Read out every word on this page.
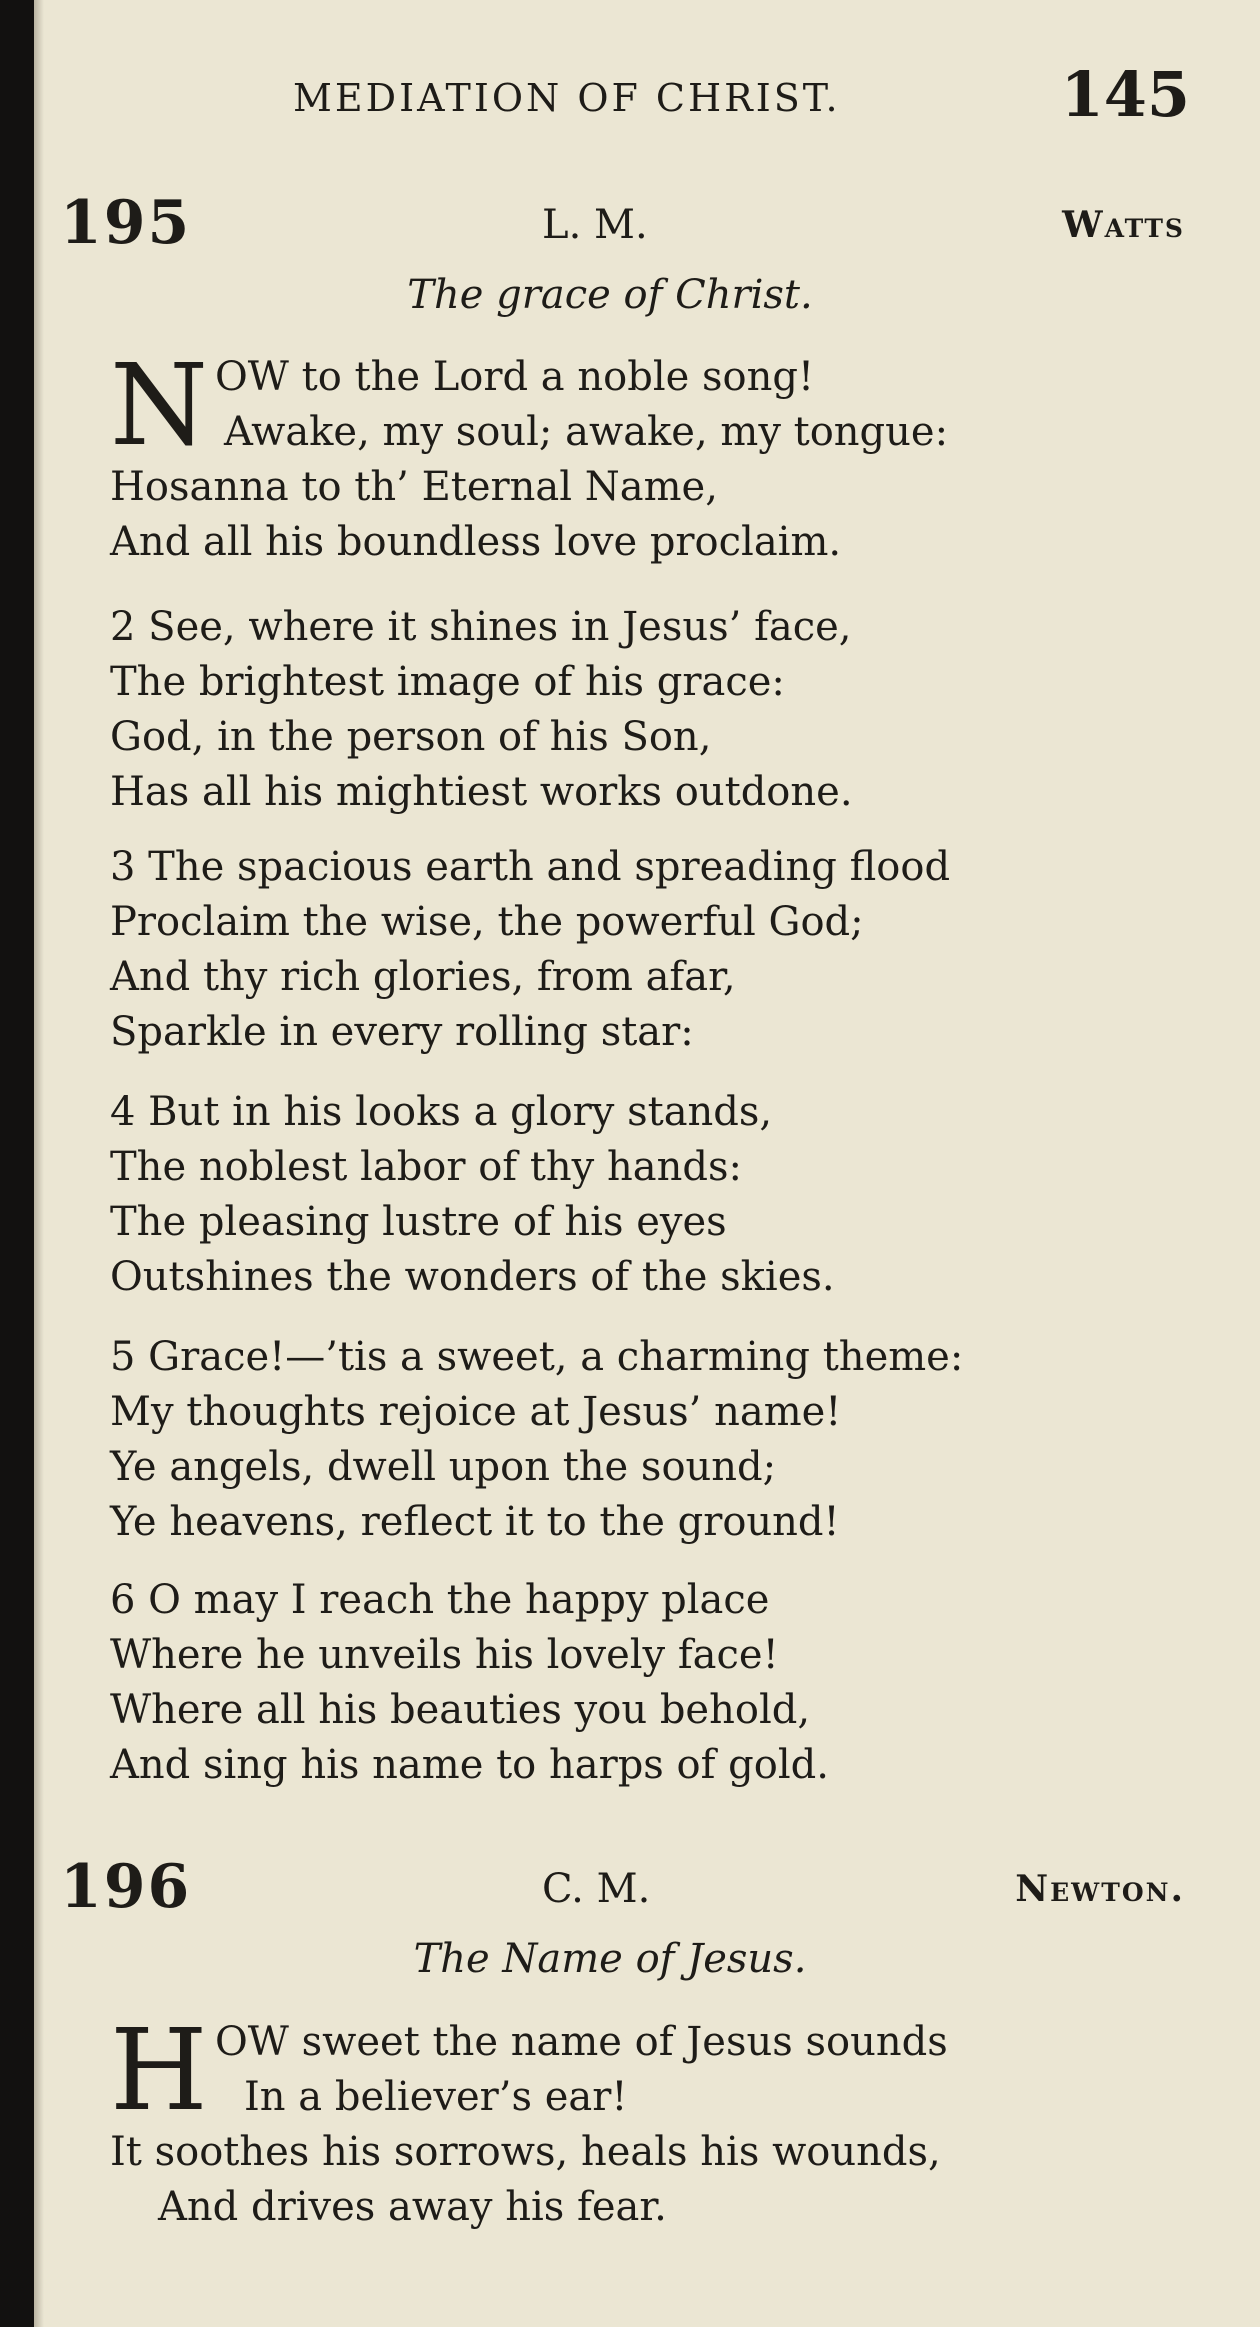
MEDIATION OF CHRIST.	145
195	L. M.	Watts
The grace of Christ.
N OW to the Lord a noble song!
Awake, my soul; awake, my tongue:
Hosanna to th’ Eternal Name,
And all his boundless love proclaim.
2 See, where it shines in Jesus’ face,
The brightest image of his grace:
God, in the person of his Son,
Has all his mightiest works outdone.
3 The spacious earth and spreading flood
Proclaim the wise, the powerful God;
And thy rich glories, from afar,
Sparkle in every rolling star:
4 But in his looks a glory stands,
The noblest labor of thy hands:
The pleasing lustre of his eyes
Outshines the wonders of the skies.
5 Grace!—’tis a sweet, a charming theme:
My thoughts rejoice at Jesus’ name!
Ye angels, dwell upon the sound;
Ye heavens, reflect it to the ground!
6 O may I reach the happy place
Where he unveils his lovely face!
Where all his beauties you behold,
And sing his name to harps of gold.
196	C. M.	Newton.
The Name of Jesus.
H OW sweet the name of Jesus sounds
In a believer’s ear!
It soothes his sorrows, heals his wounds,
And drives away his fear.
